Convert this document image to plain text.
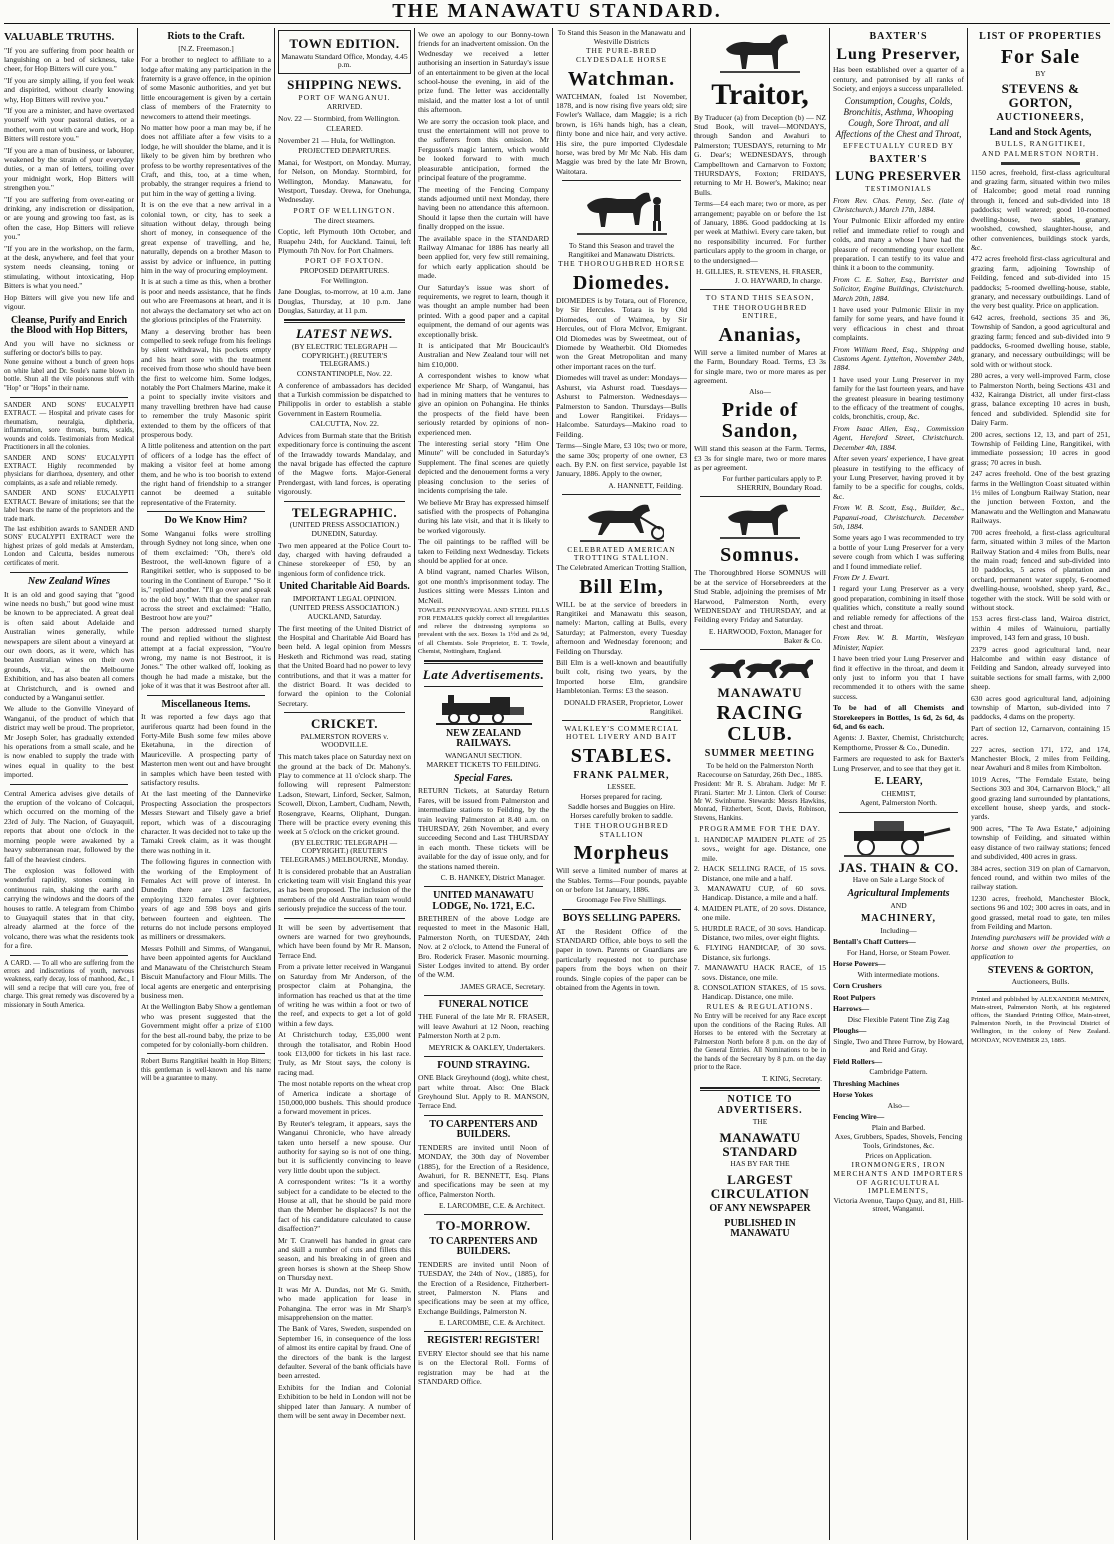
THE MANAWATU STANDARD.
VALUABLE TRUTHS.
"If you are suffering from poor health or languishing on a bed of sickness, take cheer, for Hop Bitters will cure you."
"If you are simply ailing, if you feel weak and dispirited, without clearly knowing why, Hop Bitters will revive you."
"If you are a minister, and have overtaxed yourself with your pastoral duties, or a mother, worn out with care and work, Hop Bitters will restore you."
"If you are a man of business, or labourer, weakened by the strain of your everyday duties, or a man of letters, toiling over your midnight work, Hop Bitters will strengthen you."
"If you are suffering from over-eating or drinking, any indiscretion or dissipation, or are young and growing too fast, as is often the case, Hop Bitters will relieve you."
"If you are in the workshop, on the farm, at the desk, anywhere, and feel that your system needs cleansing, toning or stimulating, without intoxicating, Hop Bitters is what you need."
Hop Bitters will give you new life and vigour.
Cleanse, Purify and Enrich the Blood with Hop Bitters,
And you will have no sickness or suffering or doctor's bills to pay.
None genuine without a bunch of green hops on white label and Dr. Soule's name blown in bottle. Shun all the vile poisonous stuff with "Hop" or "Hops" in their name.
SANDER AND SONS' EUCALYPTI EXTRACT. — Hospital and private cases for rheumatism, neuralgia, diphtheria, inflammation, sore throats, burns, scalds, wounds and colds. Testimonials from Medical Practitioners in all the colonies.
SANDER AND SONS' EUCALYPTI EXTRACT. Highly recommended by physicians for diarrhoea, dysentery, and other complaints, as a safe and reliable remedy.
SANDER AND SONS' EUCALYPTI EXTRACT. Beware of imitations; see that the label bears the name of the proprietors and the trade mark.
The last exhibition awards to SANDER AND SONS' EUCALYPTI EXTRACT were the highest prizes of gold medals at Amsterdam, London and Calcutta, besides numerous certificates of merit.
New Zealand Wines
It is an old and good saying that "good wine needs no bush," but good wine must be known to be appreciated. A great deal is often said about Adelaide and Australian wines generally, while newspapers are silent about a vineyard at our own doors, as it were, which has beaten Australian wines on their own grounds, viz., at the Melbourne Exhibition, and has also beaten all comers at Christchurch, and is owned and conducted by a Wanganui settler.
We allude to the Gonville Vineyard of Wanganui, of the product of which that district may well be proud. The proprietor, Mr Joseph Soler, has gradually extended his operations from a small scale, and he is now enabled to supply the trade with wines equal in quality to the best imported.
Central America advises give details of the eruption of the volcano of Colcaqui, which occurred on the morning of the 23rd of July. The Nacion, of Guayaquil, reports that about one o'clock in the morning people were awakened by a heavy subterranean roar, followed by the fall of the heaviest cinders.
The explosion was followed with wonderful rapidity, stones coming in continuous rain, shaking the earth and carrying the windows and the doors of the houses to rattle. A telegram from Chimbo to Guayaquil states that in that city, already alarmed at the force of the volcano, there was what the residents took for a fire.
A CARD. — To all who are suffering from the errors and indiscretions of youth, nervous weakness, early decay, loss of manhood, &c., I will send a recipe that will cure you, free of charge. This great remedy was discovered by a missionary in South America.
Riots to the Craft.
[N.Z. Freemason.]
For a brother to neglect to affiliate to a lodge after making any participation in the fraternity is a grave offence, in the opinion of some Masonic authorities, and yet but little encouragement is given by a certain class of members of the Fraternity to newcomers to attend their meetings.
No matter how poor a man may be, if he does not affiliate after a few visits to a lodge, he will shoulder the blame, and it is likely to be given him by brethren who profess to be worthy representatives of the Craft, and this, too, at a time when, probably, the stranger requires a friend to put him in the way of getting a living.
It is on the eve that a new arrival in a colonial town, or city, has to seek a situation without delay, through being short of money, in consequence of the great expense of travelling, and he, naturally, depends on a brother Mason to assist by advice or influence, in putting him in the way of procuring employment.
It is at such a time as this, when a brother is poor and needs assistance, that he finds out who are Freemasons at heart, and it is not always the declamatory set who act on the glorious principles of the Fraternity.
Many a deserving brother has been compelled to seek refuge from his feelings by silent withdrawal, his pockets empty and his heart sore with the treatment received from those who should have been the first to welcome him. Some lodges, notably the Port Chalmers Marine, make it a point to specially invite visitors and many travelling brethren have had cause to remember the truly Masonic spirit extended to them by the officers of that prosperous body.
A little politeness and attention on the part of officers of a lodge has the effect of making a visitor feel at home among them, and he who is too boorish to extend the right hand of friendship to a stranger cannot be deemed a suitable representative of the Fraternity.
Do We Know Him?
Some Wanganui folks were strolling through Sydney not long since, when one of them exclaimed: "Oh, there's old Bestroot, the well-known figure of a Rangitikei settler, who is supposed to be touring in the Continent of Europe." "So it is," replied another. "I'll go over and speak to the old boy." With that the speaker ran across the street and exclaimed: "Hallo, Bestroot how are you?"
The person addressed turned sharply round and replied without the slightest attempt at a facial expression, "You're wrong, my name is not Bestroot, it is Jones." The other walked off, looking as though he had made a mistake, but the joke of it was that it was Bestroot after all.
Miscellaneous Items.
It was reported a few days ago that auriferous quartz had been found in the Forty-Mile Bush some few miles above Eketahuna, in the direction of Mauriceville. A prospecting party of Masterton men went out and have brought in samples which have been tested with satisfactory results.
At the last meeting of the Dannevirke Prospecting Association the prospectors Messrs Stewart and Tilsely gave a brief report, which was of a discouraging character. It was decided not to take up the Tamaki Creek claim, as it was thought there was nothing in it.
The following figures in connection with the working of the Employment of Females Act will prove of interest. In Dunedin there are 128 factories, employing 1320 females over eighteen years of age and 598 boys and girls between fourteen and eighteen. The returns do not include persons employed as milliners or dressmakers.
Messrs Polhill and Simms, of Wanganui, have been appointed agents for Auckland and Manawatu of the Christchurch Steam Biscuit Manufactory and Flour Mills. The local agents are energetic and enterprising business men.
At the Wellington Baby Show a gentleman who was present suggested that the Government might offer a prize of £100 for the best all-round baby, the prize to be competed for by colonially-born children.
Robert Burns Rangitikei health in Hop Bitters; this gentleman is well-known and his name will be a guarantee to many.
TOWN EDITION.
Manawatu Standard Office, Monday, 4.45 p.m.
SHIPPING NEWS.
PORT OF WANGANUI.
ARRIVED.
Nov. 22 — Stormbird, from Wellington.
CLEARED.
November 21 — Hula, for Wellington.
PROJECTED DEPARTURES.
Manai, for Westport, on Monday. Murray, for Nelson, on Monday. Stormbird, for Wellington, Monday. Manawatu, for Westport, Tuesday. Orewa, for Onehunga, Wednesday.
PORT OF WELLINGTON.
The direct steamers.
Coptic, left Plymouth 10th October, and Ruapehu 24th, for Auckland. Tainui, left Plymouth 7th Nov. for Port Chalmers.
PORT OF FOXTON.
PROPOSED DEPARTURES.
For Wellington.
Jane Douglas, to-morrow, at 10 a.m. Jane Douglas, Thursday, at 10 p.m. Jane Douglas, Saturday, at 11 p.m.
LATEST NEWS.
(BY ELECTRIC TELEGRAPH — COPYRIGHT.) (REUTER'S TELEGRAMS.)
CONSTANTINOPLE, Nov. 22.
A conference of ambassadors has decided that a Turkish commission be dispatched to Philippolis in order to establish a stable Government in Eastern Roumelia.
CALCUTTA, Nov. 22.
Advices from Burmah state that the British expeditionary force is continuing the ascent of the Irrawaddy towards Mandalay, and the naval brigade has effected the capture of the Magwe forts. Major-General Prendergast, with land forces, is operating vigorously.
TELEGRAPHIC.
(UNITED PRESS ASSOCIATION.) DUNEDIN, Saturday.
Two men appeared at the Police Court to-day, charged with having defrauded a Chinese storekeeper of £50, by an ingenious form of confidence trick.
United Charitable Aid Boards.
IMPORTANT LEGAL OPINION.
(UNITED PRESS ASSOCIATION.) AUCKLAND, Saturday.
The first meeting of the United District of the Hospital and Charitable Aid Board has been held. A legal opinion from Messrs Hesketh and Richmond was read, stating that the United Board had no power to levy contributions, and that it was a matter for the district Board. It was decided to forward the opinion to the Colonial Secretary.
CRICKET.
PALMERSTON ROVERS v. WOODVILLE.
This match takes place on Saturday next on the ground at the back of Dr. Mahony's. Play to commence at 11 o'clock sharp. The following will represent Palmerston: Ladson, Stewart, Linford, Secker, Salmon, Scowell, Dixon, Lambert, Cudham, Newth, Rosengrave, Kearns, Oliphant, Dungan. There will be practice every evening this week at 5 o'clock on the cricket ground.
(BY ELECTRIC TELEGRAPH — COPYRIGHT.) (REUTER'S TELEGRAMS.) MELBOURNE, Monday.
It is considered probable that an Australian cricketing team will visit England this year as has been proposed. The inclusion of the members of the old Australian team would seriously prejudice the success of the tour.
It will be seen by advertisement that owners are warned for two greyhounds, which have been found by Mr R. Manson, Terrace End.
From a private letter received in Wanganui on Saturday from Mr Anderson, of the prospector claim at Pohangina, the information has reached us that at the time of writing he was within a foot or two of the reef, and expects to get a lot of gold within a few days.
At Christchurch today, £35,000 went through the totalisator, and Robin Hood took £13,000 for tickets in his last race. Truly, as Mr Stout says, the colony is racing mad.
The most notable reports on the wheat crop of America indicate a shortage of 150,000,000 bushels. This should produce a forward movement in prices.
By Reuter's telegram, it appears, says the Wanganui Chronicle, who have already taken unto herself a new spouse. Our authority for saying so is not of one thing, but it is sufficiently convincing to leave very little doubt upon the subject.
A correspondent writes: "Is it a worthy subject for a candidate to be elected to the House at all, that he should be paid more than the Member he displaces? Is not the fact of his candidature calculated to cause disaffection?"
Mr T. Cranwell has handed in great care and skill a number of cuts and fillets this season, and his breaking in of green and green horses is shown at the Sheep Show on Thursday next.
It was Mr A. Dundas, not Mr G. Smith, who made application for lease in Pohangina. The error was in Mr Sharp's misapprehension on the matter.
The Bank of Vares, Sweden, suspended on September 16, in consequence of the loss of almost its entire capital by fraud. One of the directors of the bank is the largest defaulter. Several of the bank officials have been arrested.
Exhibits for the Indian and Colonial Exhibition to be held in London will not be shipped later than January. A number of them will be sent away in December next.
We owe an apology to our Bonny-town friends for an inadvertent omission. On the Wednesday we received a letter authorising an insertion in Saturday's issue of an entertainment to be given at the local school-house the evening, in aid of the prize fund. The letter was accidentally mislaid, and the matter lost a lot of until this afternoon.
We are sorry the occasion took place, and trust the entertainment will not prove to the sufferers from this omission. Mr Fergusson's magic lantern, which would be looked forward to with much pleasurable anticipation, formed the principal feature of the programme.
The meeting of the Fencing Company stands adjourned until next Monday, there having been no attendance this afternoon. Should it lapse then the curtain will have finally dropped on the issue.
The available space in the STANDARD Railway Almanac for 1886 has nearly all been applied for, very few still remaining, for which early application should be made.
Our Saturday's issue was short of requirements, we regret to learn, though it was thought an ample number had been printed. With a good paper and a capital equipment, the demand of our agents was exceptionally brisk.
It is anticipated that Mr Boucicault's Australian and New Zealand tour will net him £10,000.
A correspondent wishes to know what experience Mr Sharp, of Wanganui, has had in mining matters that he ventures to give an opinion on Pohangina. He thinks the prospects of the field have been seriously retarded by opinions of non-experienced men.
The interesting serial story "Him One Minute" will be concluded in Saturday's Supplement. The final scenes are quietly depicted and the denouement forms a very pleasing conclusion to the series of incidents comprising the tale.
We believe Mr Bray has expressed himself satisfied with the prospects of Pohangina during his late visit, and that it is likely to be worked vigorously.
The oil paintings to be raffled will be taken to Feilding next Wednesday. Tickets should be applied for at once.
A blind vagrant, named Charles Wilson, got one month's imprisonment today. The Justices sitting were Messrs Linton and McNeil.
TOWLE'S PENNYROYAL AND STEEL PILLS FOR FEMALES quickly correct all irregularities and relieve the distressing symptoms so prevalent with the sex. Boxes 1s 1½d and 2s 9d, of all Chemists. Sole Proprietor, E. T. Towle, Chemist, Nottingham, England.
Late Advertisements.
NEW ZEALAND RAILWAYS.
WANGANUI SECTION.
MARKET TICKETS TO FEILDING.
Special Fares.
RETURN Tickets, at Saturday Return Fares, will be issued from Palmerston and intermediate stations to Feilding, by the train leaving Palmerston at 8.40 a.m. on THURSDAY, 26th November, and every succeeding Second and Last THURSDAY in each month. These tickets will be available for the day of issue only, and for the stations named therein.
C. B. HANKEY, District Manager.
UNITED MANAWATU LODGE, No. 1721, E.C.
BRETHREN of the above Lodge are requested to meet in the Masonic Hall, Palmerston North, on TUESDAY, 24th Nov. at 2 o'clock, to Attend the Funeral of Bro. Roderick Fraser. Masonic mourning. Sister Lodges invited to attend. By order of the W.M.
JAMES GRACE, Secretary.
FUNERAL NOTICE
THE Funeral of the late Mr R. FRASER, will leave Awahuri at 12 Noon, reaching Palmerston North at 2 p.m.
MEYRICK & OAKLEY, Undertakers.
FOUND STRAYING.
ONE Black Greyhound (dog), white chest, part white throat. Also: One Black Greyhound Slut. Apply to R. MANSON, Terrace End.
TO CARPENTERS AND BUILDERS.
TENDERS are invited until Noon of MONDAY, the 30th day of November (1885), for the Erection of a Residence, Awahuri, for R. BENNETT, Esq. Plans and specifications may be seen at my office, Palmerston North.
E. LARCOMBE, C.E. & Architect.
TO-MORROW.
TO CARPENTERS AND BUILDERS.
TENDERS are invited until Noon of TUESDAY, the 24th of Nov., (1885), for the Erection of a Residence, Fitzherbert-street, Palmerston N. Plans and specifications may be seen at my office, Exchange Buildings, Palmerston N.
E. LARCOMBE, C.E. & Architect.
REGISTER! REGISTER!
EVERY Elector should see that his name is on the Electoral Roll. Forms of registration may be had at the STANDARD Office.
To Stand this Season in the Manawatu and Westville Districts
THE PURE-BRED CLYDESDALE HORSE
Watchman.
WATCHMAN, foaled 1st November, 1878, and is now rising five years old; sire Fowler's Wallace, dam Maggie; is a rich brown, is 16¾ hands high, has a clean, flinty bone and nice hair, and very active. His sire, the pure imported Clydesdale horse, was bred by Mr Mc Nab. His dam Maggie was bred by the late Mr Brown, Waitotara.
To Stand this Season and travel the Rangitikei and Manawatu Districts.
THE THOROUGHBRED HORSE
Diomedes.
DIOMEDES is by Totara, out of Florence, by Sir Hercules. Totara is by Old Diomedes, out of Waimea, by Sir Hercules, out of Flora McIvor, Emigrant. Old Diomedes was by Sweetmeat, out of Diomede by Weatherbit. Old Diomedes won the Great Metropolitan and many other important races on the turf.
Diomedes will travel as under: Mondays—Ashurst, via Ashurst road. Tuesdays—Ashurst to Palmerston. Wednesdays—Palmerston to Sandon. Thursdays—Bulls and Lower Rangitikei. Fridays—Halcombe. Saturdays—Makino road to Feilding.
Terms—Single Mare, £3 10s; two or more, the same 30s; property of one owner, £3 each. By P.N. on first service, payable 1st January, 1886. Apply to the owner,
A. HANNETT, Feilding.
CELEBRATED AMERICAN TROTTING STALLION.
The Celebrated American Trotting Stallion,
Bill Elm,
WILL be at the service of breeders in Rangitikei and Manawatu this season, namely: Marton, calling at Bulls, every Saturday; at Palmerston, every Tuesday afternoon and Wednesday forenoon; and Feilding on Thursday.
Bill Elm is a well-known and beautifully built colt, rising two years, by the Imported horse Elm, grandsire Hambletonian. Terms: £3 the season.
DONALD FRASER, Proprietor, Lower Rangitikei.
WALKLEY'S COMMERCIAL HOTEL LIVERY AND BAIT
STABLES.
FRANK PALMER,
LESSEE.
Horses prepared for racing.
Saddle horses and Buggies on Hire.
Horses carefully broken to saddle.
THE THOROUGHBRED STALLION
Morpheus
Will serve a limited number of mares at the Stables. Terms—Four pounds, payable on or before 1st January, 1886.
Groomage Fee Five Shillings.
BOYS SELLING PAPERS.
AT the Resident Office of the STANDARD Office, able boys to sell the paper in town. Parents or Guardians are particularly requested not to purchase papers from the boys when on their rounds. Single copies of the paper can be obtained from the Agents in town.
Traitor,
By Traducer (a) from Deception (b) — NZ Stud Book, will travel—MONDAYS, through Sandon and Awahuri to Palmerston; TUESDAYS, returning to Mr G. Dear's; WEDNESDAYS, through Campbelltown and Carnarvon to Foxton; THURSDAYS, Foxton; FRIDAYS, returning to Mr H. Bower's, Makino; near Bulls.
Terms—£4 each mare; two or more, as per arrangement; payable on or before the 1st of January, 1886. Good paddocking at 1s per week at Mathiwi. Every care taken, but no responsibility incurred. For further particulars apply to the groom in charge, or to the undersigned—
H. GILLIES, R. STEVENS, H. FRASER, J. O. HAYWARD, In charge.
TO STAND THIS SEASON,
THE THOROUGHBRED ENTIRE,
Ananias,
Will serve a limited number of Mares at the Farm, Boundary Road. Terms, £3 3s for single mare, two or more mares as per agreement.
Also—
Pride of Sandon,
Will stand this season at the Farm. Terms, £3 3s for single mare, two or more mares as per agreement.
For further particulars apply to P. SHERRIN, Boundary Road.
Somnus.
The Thoroughbred Horse SOMNUS will be at the service of Horsebreeders at the Stud Stable, adjoining the premises of Mr Harwood, Palmerston North, every WEDNESDAY and THURSDAY, and at Feilding every Friday and Saturday.
E. HARWOOD, Foxton, Manager for Baker & Co.
MANAWATU
RACING CLUB.
SUMMER MEETING
To be held on the Palmerston North Racecourse on Saturday, 26th Dec., 1885.
President: Mr R. S. Abraham. Judge: Mr F. Pirani. Starter: Mr J. Linton. Clerk of Course: Mr W. Swinburne. Stewards: Messrs Hawkins, Monrad, Fitzherbert, Scott, Davis, Robinson, Stevens, Hankins.
PROGRAMME FOR THE DAY.
1. HANDICAP MAIDEN PLATE of 25 sovs., weight for age. Distance, one mile.
2. HACK SELLING RACE, of 15 sovs. Distance, one mile and a half.
3. MANAWATU CUP, of 60 sovs. Handicap. Distance, a mile and a half.
4. MAIDEN PLATE, of 20 sovs. Distance, one mile.
5. HURDLE RACE, of 30 sovs. Handicap. Distance, two miles, over eight flights.
6. FLYING HANDICAP, of 30 sovs. Distance, six furlongs.
7. MANAWATU HACK RACE, of 15 sovs. Distance, one mile.
8. CONSOLATION STAKES, of 15 sovs. Handicap. Distance, one mile.
RULES & REGULATIONS.
No Entry will be received for any Race except upon the conditions of the Racing Rules. All Horses to be entered with the Secretary at Palmerston North before 8 p.m. on the day of the General Entries. All Nominations to be in the hands of the Secretary by 8 p.m. on the day prior to the Race.
T. KING, Secretary.
NOTICE TO ADVERTISERS.
THE
MANAWATU STANDARD
HAS BY FAR THE
LARGEST CIRCULATION
OF ANY NEWSPAPER
PUBLISHED IN MANAWATU
BAXTER'S
Lung Preserver,
Has been established over a quarter of a century, and patronised by all ranks of Society, and enjoys a success unparalleled.
Consumption, Coughs, Colds, Bronchitis, Asthma, Whooping Cough, Sore Throat, and all Affections of the Chest and Throat,
EFFECTUALLY CURED BY
BAXTER'S
LUNG PRESERVER
TESTIMONIALS
From Rev. Chas. Penny, Sec. (late of Christchurch.) March 17th, 1884.
Your Pulmonic Elixir afforded my entire relief and immediate relief to rough and colds, and many a whose I have had the pleasure of recommending your excellent preparation. I can testify to its value and think it a boon to the community.
From C. E. Salter, Esq., Barrister and Solicitor, Engine Buildings, Christchurch. March 20th, 1884.
I have used your Pulmonic Elixir in my family for some years, and have found it very efficacious in chest and throat complaints.
From William Reed, Esq., Shipping and Customs Agent. Lyttelton, November 24th, 1884.
I have used your Lung Preserver in my family for the last fourteen years, and have the greatest pleasure in bearing testimony to the efficacy of the treatment of coughs, colds, bronchitis, croup, &c.
From Isaac Allen, Esq., Commission Agent, Hereford Street, Christchurch. December 4th, 1884.
After seven years' experience, I have great pleasure in testifying to the efficacy of your Lung Preserver, having proved it by family to be a specific for coughs, colds, &c.
From W. B. Scott, Esq., Builder, &c., Papanui-road, Christchurch. December 5th, 1884.
Some years ago I was recommended to try a bottle of your Lung Preserver for a very severe cough from which I was suffering and I found immediate relief.
From Dr J. Ewart.
I regard your Lung Preserver as a very good preparation, combining in itself those qualities which, constitute a really sound and reliable remedy for affections of the chest and throat.
From Rev. W. B. Martin, Wesleyan Minister, Napier.
I have been tried your Lung Preserver and find it effective in the throat, and deem it only just to inform you that I have recommended it to others with the same success.
To be had of all Chemists and Storekeepers in Bottles, 1s 6d, 2s 6d, 4s 6d, and 6s each.
Agents: J. Baxter, Chemist, Christchurch; Kempthorne, Prosser & Co., Dunedin.
Farmers are requested to ask for Baxter's Lung Preserver, and to see that they get it.
E. LEARY,
CHEMIST,
Agent, Palmerston North.
JAS. THAIN & CO.
Have on Sale a Large Stock of
Agricultural Implements
AND
MACHINERY,
Including—
Bentall's Chaff Cutters—
For Hand, Horse, or Steam Power.
Horse Powers—
With intermediate motions.
Corn Crushers
Root Pulpers
Harrows—
Disc Flexible Patent Tine Zig Zag
Ploughs—
Single, Two and Three Furrow, by Howard, and Reid and Gray.
Field Rollers—
Cambridge Pattern.
Threshing Machines
Horse Yokes
Also—
Fencing Wire—
Plain and Barbed.
Axes, Grubbers, Spades, Shovels, Fencing Tools, Grindstones, &c.
Prices on Application.
IRONMONGERS, IRON MERCHANTS AND IMPORTERS OF AGRICULTURAL IMPLEMENTS,
Victoria Avenue, Taupo Quay, and 81, Hill-street, Wanganui.
LIST OF PROPERTIES
For Sale
BY
STEVENS & GORTON,
AUCTIONEERS,
Land and Stock Agents,
BULLS, RANGITIKEI,
AND PALMERSTON NORTH.
1150 acres, freehold, first-class agricultural and grazing farm, situated within two miles of Halcombe; good metal road running through it, fenced and sub-divided into 18 paddocks; well watered; good 10-roomed dwelling-house, two stables, granary, woolshed, cowshed, slaughter-house, and other conveniences, buildings stock yards, &c.
472 acres freehold first-class agricultural and grazing farm, adjoining Township of Feilding, fenced and sub-divided into 15 paddocks; 5-roomed dwelling-house, stable, granary, and necessary outbuildings. Land of the very best quality. Price on application.
642 acres, freehold, sections 35 and 36, Township of Sandon, a good agricultural and grazing farm; fenced and sub-divided into 9 paddocks, 6-roomed dwelling house, stable, granary, and necessary outbuildings; will be sold with or without stock.
280 acres, a very well-improved Farm, close to Palmerston North, being Sections 431 and 432, Kairanga District, all under first-class grass, balance excepting 10 acres in bush, fenced and subdivided. Splendid site for Dairy Farm.
200 acres, sections 12, 13, and part of 251, Township of Feilding Line, Rangitikei, with immediate possession; 10 acres in good grass; 70 acres in bush.
247 acres freehold. One of the best grazing farms in the Wellington Coast situated within 1½ miles of Longburn Railway Station, near the junction between Foxton, and the Manawatu and the Wellington and Manawatu Railways.
700 acres freehold, a first-class agricultural farm, situated within 3 miles of the Marton Railway Station and 4 miles from Bulls, near the main road; fenced and sub-divided into 10 paddocks, 5 acres of plantation and orchard, permanent water supply, 6-roomed dwelling-house, woolshed, sheep yard, &c., together with the stock. Will be sold with or without stock.
153 acres first-class land, Wairoa district, within 4 miles of Wainuioru, partially improved, 143 fern and grass, 10 bush.
2379 acres good agricultural land, near Halcombe and within easy distance of Feilding and Sandon, already surveyed into suitable sections for small farms, with 2,000 sheep.
630 acres good agricultural land, adjoining township of Marton, sub-divided into 7 paddocks, 4 dams on the property.
Part of section 12, Carnarvon, containing 15 acres.
227 acres, section 171, 172, and 174, Manchester Block, 2 miles from Feilding, near Awahuri and 8 miles from Kimbolton.
1019 Acres, "The Ferndale Estate, being Sections 303 and 304, Carnarvon Block," all good grazing land surrounded by plantations, excellent house, sheep yards, and stock-yards.
900 acres, "The Te Awa Estate," adjoining township of Feilding, and situated within easy distance of two railway stations; fenced and subdivided, 400 acres in grass.
384 acres, section 319 on plan of Carnarvon, fenced round, and within two miles of the railway station.
1230 acres, freehold, Manchester Block, sections 96 and 102; 300 acres in oats, and in good grassed, metal road to gate, ten miles from Feilding and Marton.
Intending purchasers will be provided with a horse and shown over the properties, on application to
STEVENS & GORTON,
Auctioneers, Bulls.
Printed and published by ALEXANDER McMINN, Main-street, Palmerston North, at his registered offices, the Standard Printing Office, Main-street, Palmerston North, in the Provincial District of Wellington, in the colony of New Zealand. MONDAY, NOVEMBER 23, 1885.
